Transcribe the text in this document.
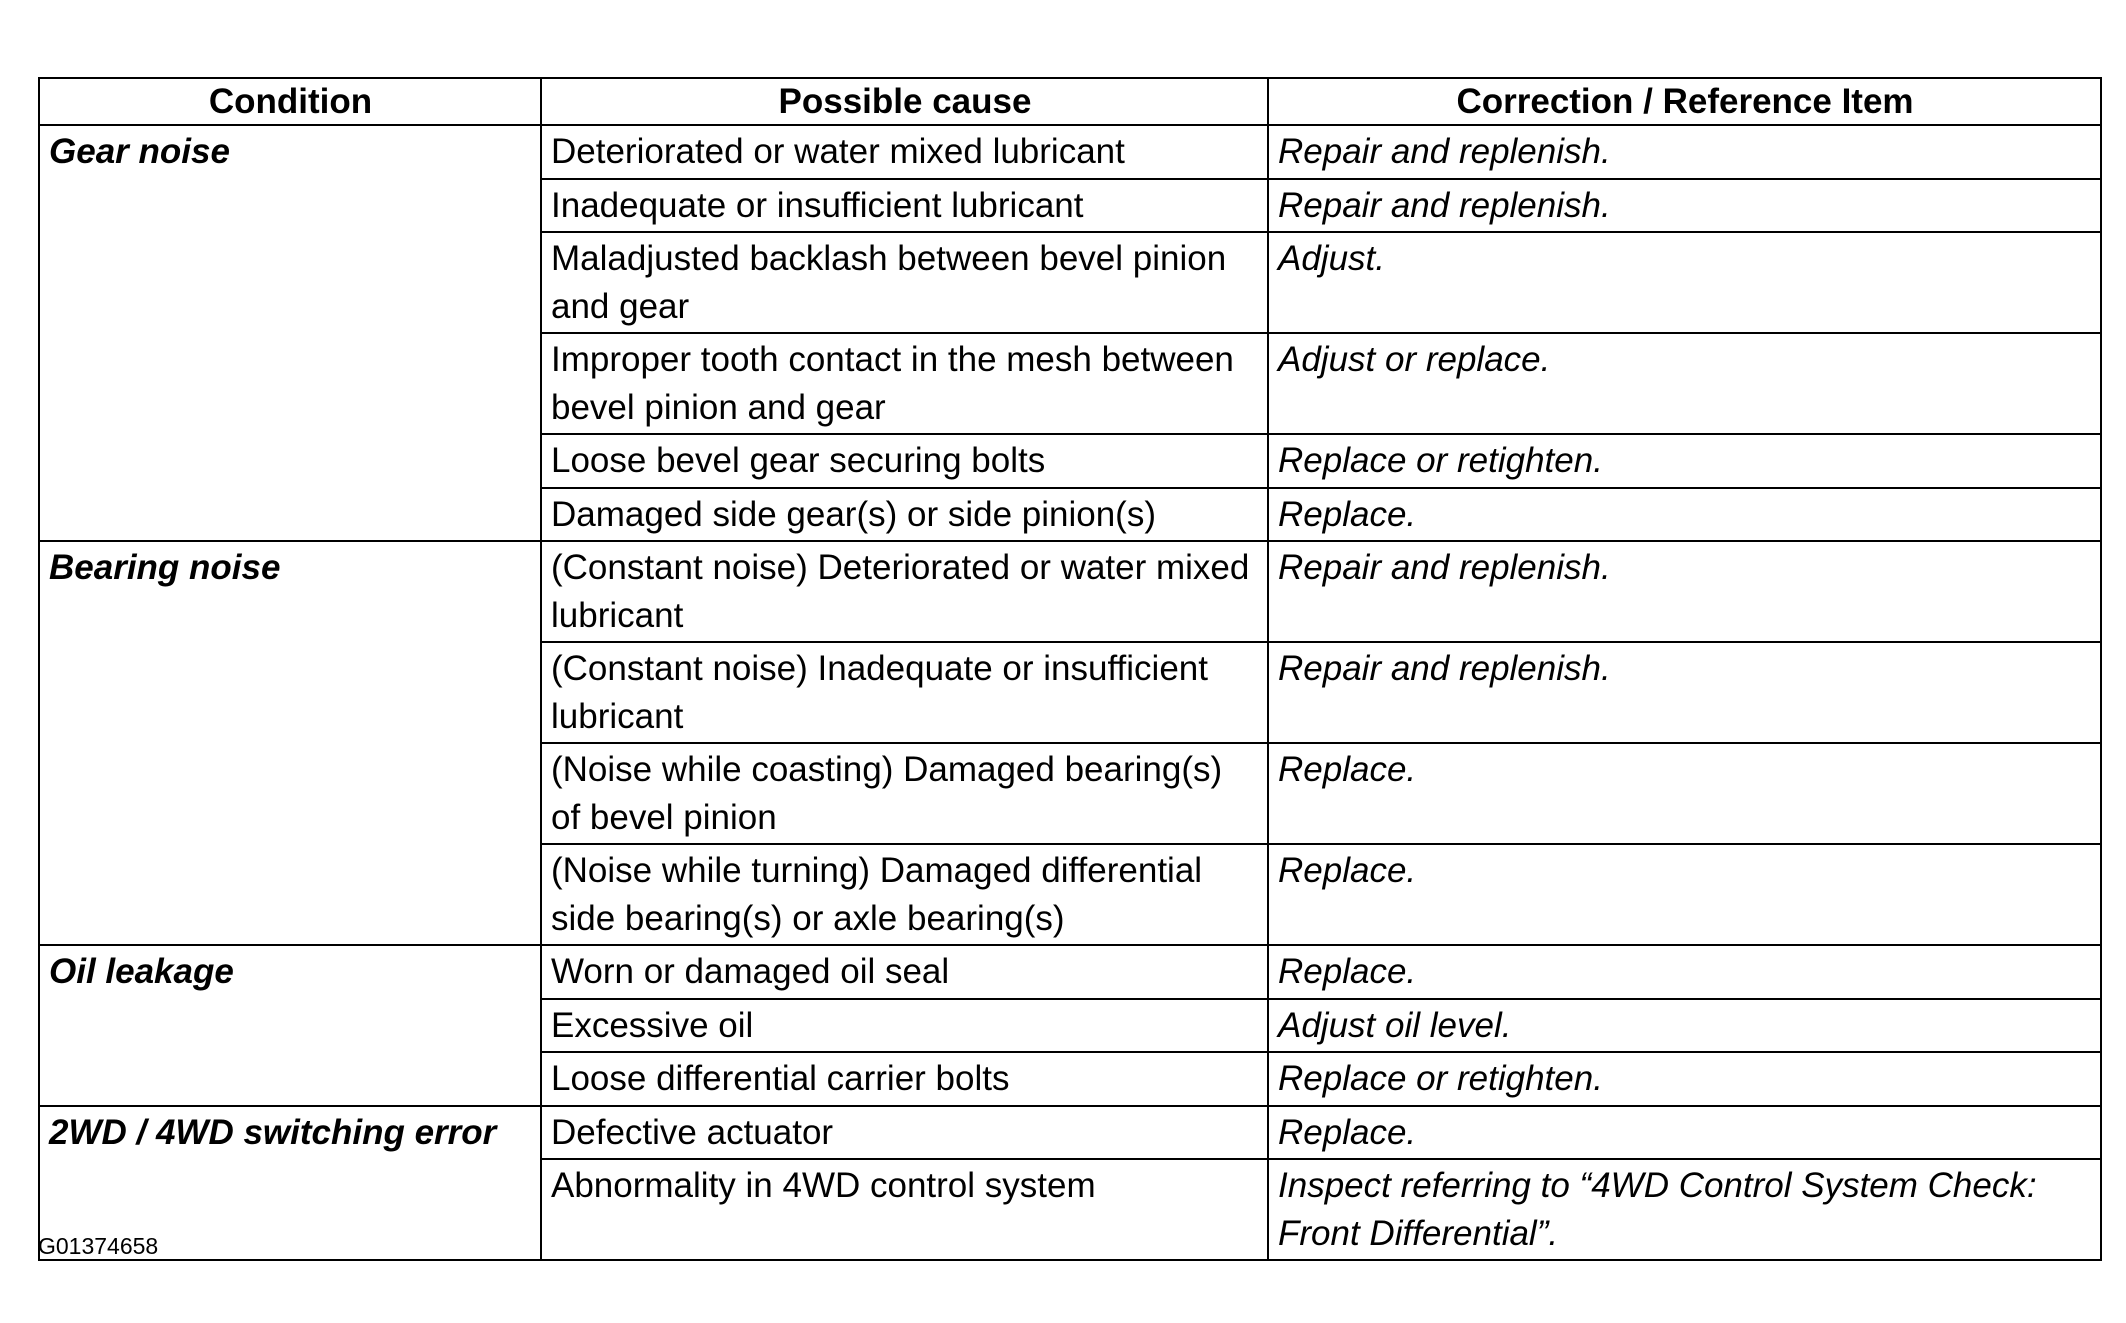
Condition	Possible cause	Correction / Reference Item
Gear noise	Deteriorated or water mixed lubricant	Repair and replenish.
	Inadequate or insufficient lubricant	Repair and replenish.
	Maladjusted backlash between bevel pinion and gear	Adjust.
	Improper tooth contact in the mesh between bevel pinion and gear	Adjust or replace.
	Loose bevel gear securing bolts	Replace or retighten.
	Damaged side gear(s) or side pinion(s)	Replace.
Bearing noise	(Constant noise) Deteriorated or water mixed lubricant	Repair and replenish.
	(Constant noise) Inadequate or insufficient lubricant	Repair and replenish.
	(Noise while coasting) Damaged bearing(s) of bevel pinion	Replace.
	(Noise while turning) Damaged differential side bearing(s) or axle bearing(s)	Replace.
Oil leakage	Worn or damaged oil seal	Replace.
	Excessive oil	Adjust oil level.
	Loose differential carrier bolts	Replace or retighten.
2WD / 4WD switching error	Defective actuator	Replace.
	Abnormality in 4WD control system	Inspect referring to “4WD Control System Check: Front Differential”.
G01374658
